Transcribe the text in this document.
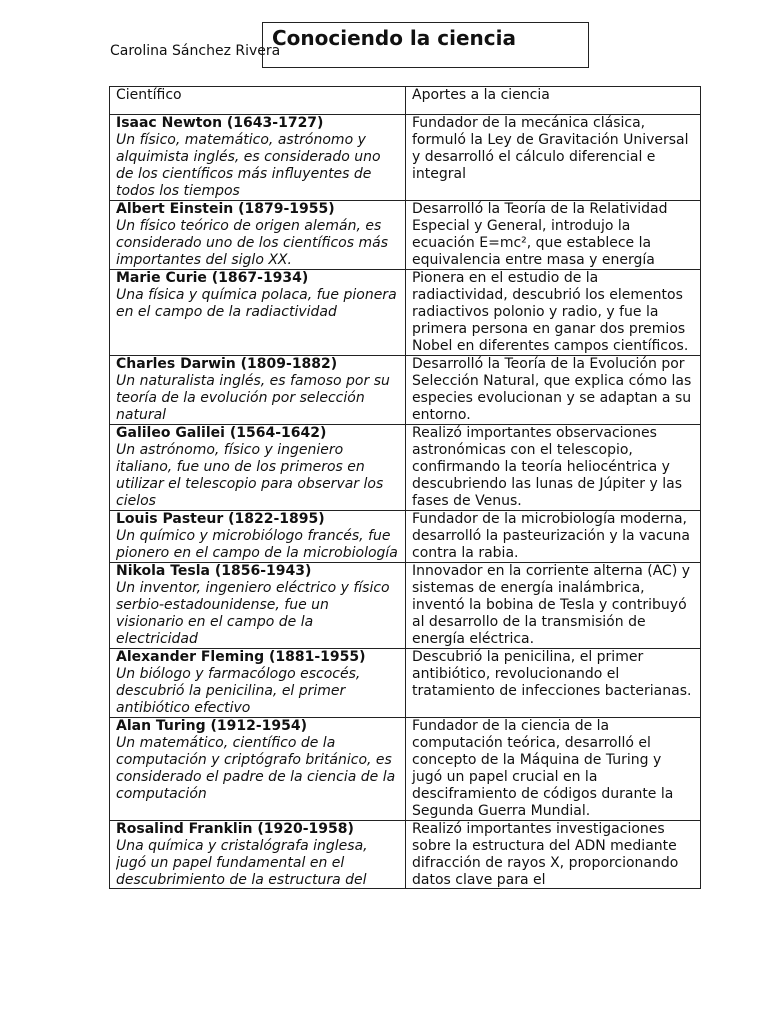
Conociendo la ciencia
Carolina Sánchez Rivera
Científico	Aportes a la ciencia

Isaac Newton (1643-1727)
Un físico, matemático, astrónomo y alquimista inglés, es considerado uno de los científicos más influyentes de todos los tiempos	Fundador de la mecánica clásica, formuló la Ley de Gravitación Universal y desarrolló el cálculo diferencial e integral

Albert Einstein (1879-1955)
Un físico teórico de origen alemán, es considerado uno de los científicos más importantes del siglo XX.	Desarrolló la Teoría de la Relatividad Especial y General, introdujo la ecuación E=mc², que establece la equivalencia entre masa y energía

Marie Curie (1867-1934)
Una física y química polaca, fue pionera en el campo de la radiactividad	Pionera en el estudio de la radiactividad, descubrió los elementos radiactivos polonio y radio, y fue la primera persona en ganar dos premios Nobel en diferentes campos científicos.

Charles Darwin (1809-1882)
Un naturalista inglés, es famoso por su teoría de la evolución por selección natural	Desarrolló la Teoría de la Evolución por Selección Natural, que explica cómo las especies evolucionan y se adaptan a su entorno.

Galileo Galilei (1564-1642)
Un astrónomo, físico y ingeniero italiano, fue uno de los primeros en utilizar el telescopio para observar los cielos	Realizó importantes observaciones astronómicas con el telescopio, confirmando la teoría heliocéntrica y descubriendo las lunas de Júpiter y las fases de Venus.

Louis Pasteur (1822-1895)
Un químico y microbiólogo francés, fue pionero en el campo de la microbiología	Fundador de la microbiología moderna, desarrolló la pasteurización y la vacuna contra la rabia.

Nikola Tesla (1856-1943)
Un inventor, ingeniero eléctrico y físico serbio-estadounidense, fue un visionario en el campo de la electricidad	Innovador en la corriente alterna (AC) y sistemas de energía inalámbrica, inventó la bobina de Tesla y contribuyó al desarrollo de la transmisión de energía eléctrica.

Alexander Fleming (1881-1955)
Un biólogo y farmacólogo escocés, descubrió la penicilina, el primer antibiótico efectivo	Descubrió la penicilina, el primer antibiótico, revolucionando el tratamiento de infecciones bacterianas.

Alan Turing (1912-1954)
Un matemático, científico de la computación y criptógrafo británico, es considerado el padre de la ciencia de la computación	Fundador de la ciencia de la computación teórica, desarrolló el concepto de la Máquina de Turing y jugó un papel crucial en la desciframiento de códigos durante la Segunda Guerra Mundial.

Rosalind Franklin (1920-1958)
Una química y cristalógrafa inglesa, jugó un papel fundamental en el descubrimiento de la estructura del	Realizó importantes investigaciones sobre la estructura del ADN mediante difracción de rayos X, proporcionando datos clave para el
